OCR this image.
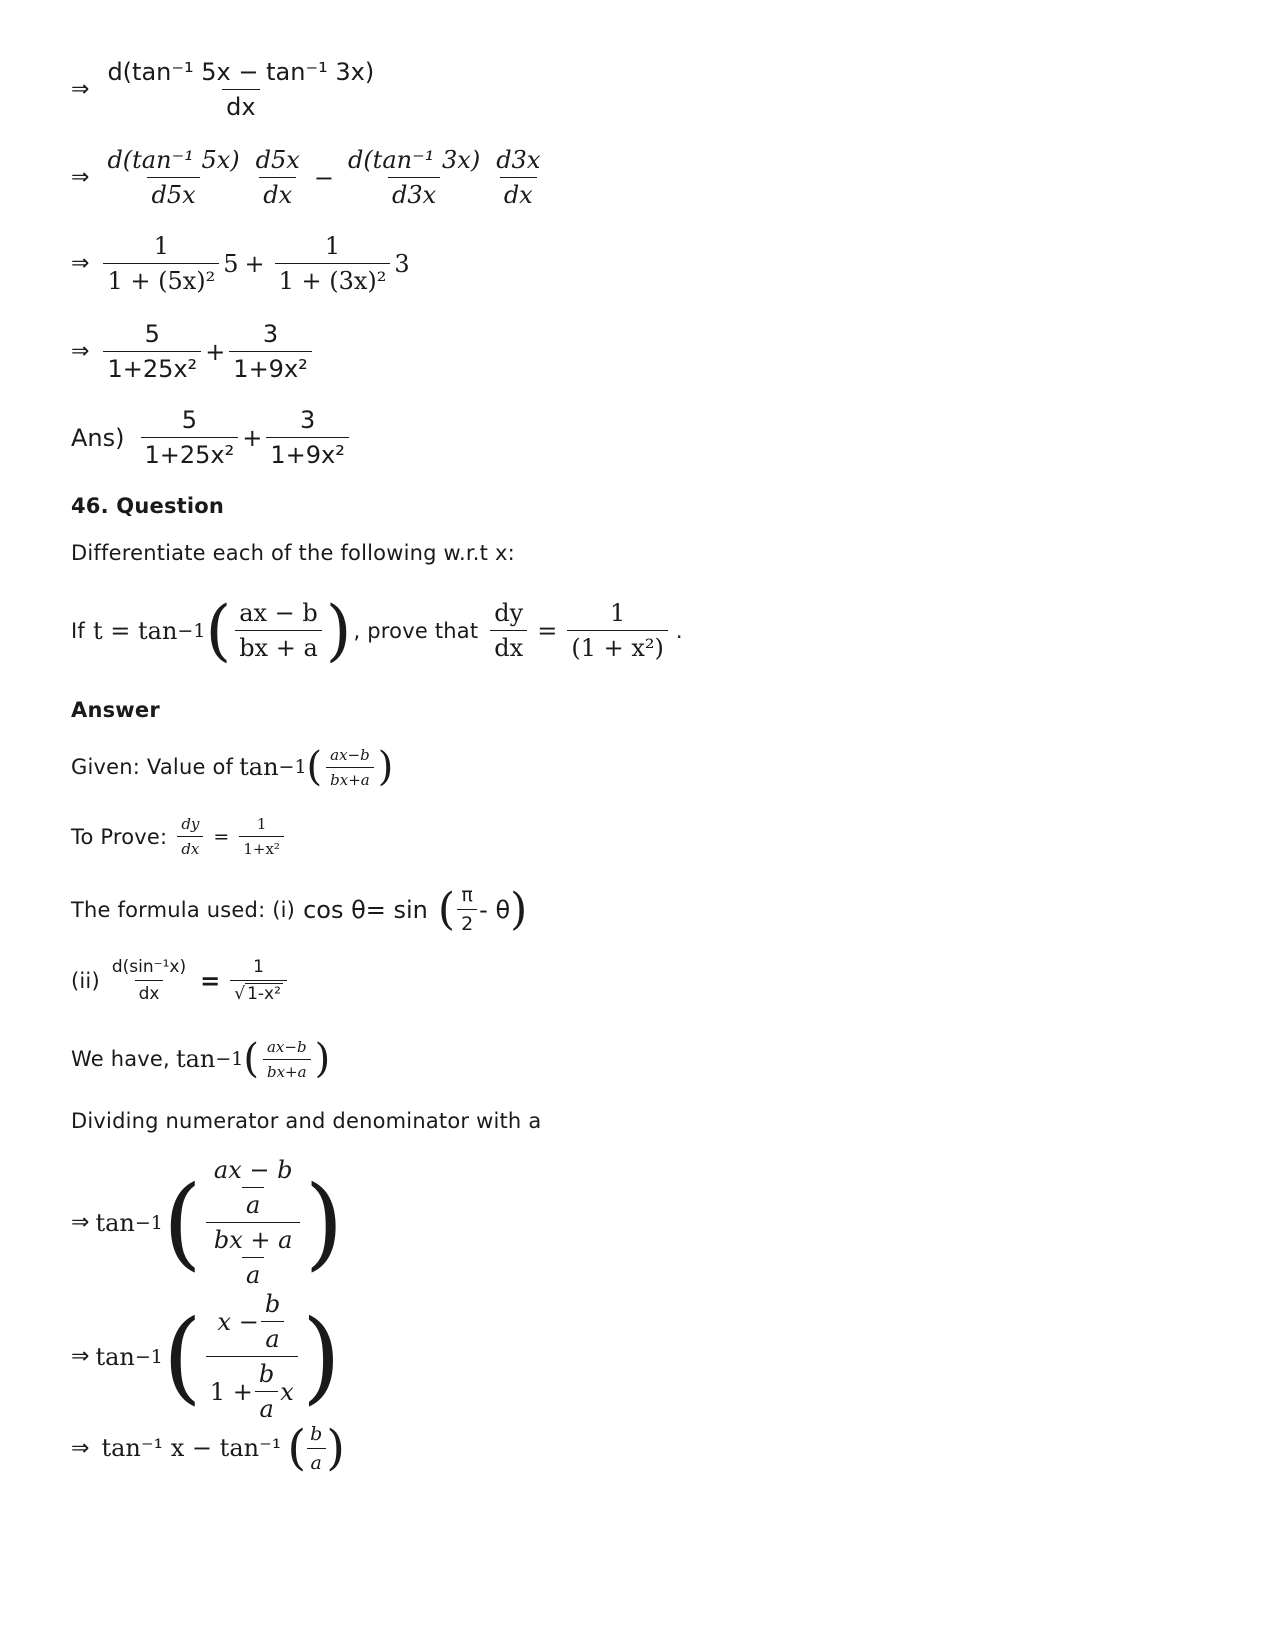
⇒ $\frac{\text{d(tan⁻¹ 5x − tan⁻¹ 3x)}}{dx}$
⇒ $\frac{\text{d(tan⁻¹ 5x)}}{d5x} \frac{d5x}{dx} - \frac{\text{d(tan⁻¹ 3x)}}{d3x} \frac{d3x}{dx}$
⇒ $\frac{1}{\text{1 + (5x)²}} 5 + \frac{1}{\text{1 + (3x)²}} 3$
⇒ $\frac{5}{\text{1+25x²}} + \frac{3}{\text{1+9x²}}$
$Ans) \frac{5}{\text{1+25x²}} + \frac{3}{\text{1+9x²}}$
46. Question
Differentiate each of the following w.r.t x:
If t = tan −1 ( $\frac{ax - b}{bx + a}$ ) , prove that $\frac{dy}{dx} = \frac{1}{\text{(1 + x²)}}$ .
Answer
Given: Value of tan −1 ( $\frac{ax-b}{bx+a}$ )
To Prove: $\frac{dy}{dx} = \frac{1}{\text{1+x²}}$
The formula used: (i) cos θ= sin ( $\frac{\pi}{2}$ - θ )
$(ii) \frac{\text{d(sin⁻¹x)}}{dx} = \frac{1}{\text{√ 1-x²}}$
We have, tan −1 ( $\frac{ax-b}{bx+a}$ )
Dividing numerator and denominator with a
⇒ tan −1 ( $\frac{\frac{ax - b}{a}}{\frac{bx + a}{a}}$ )
⇒ tan −1 ( $\frac{x - \frac{b}{a}}{1 + \frac{b}{a} x}$ )
⇒ tan⁻¹ x − tan⁻¹ ( $\frac{b}{a}$ )
